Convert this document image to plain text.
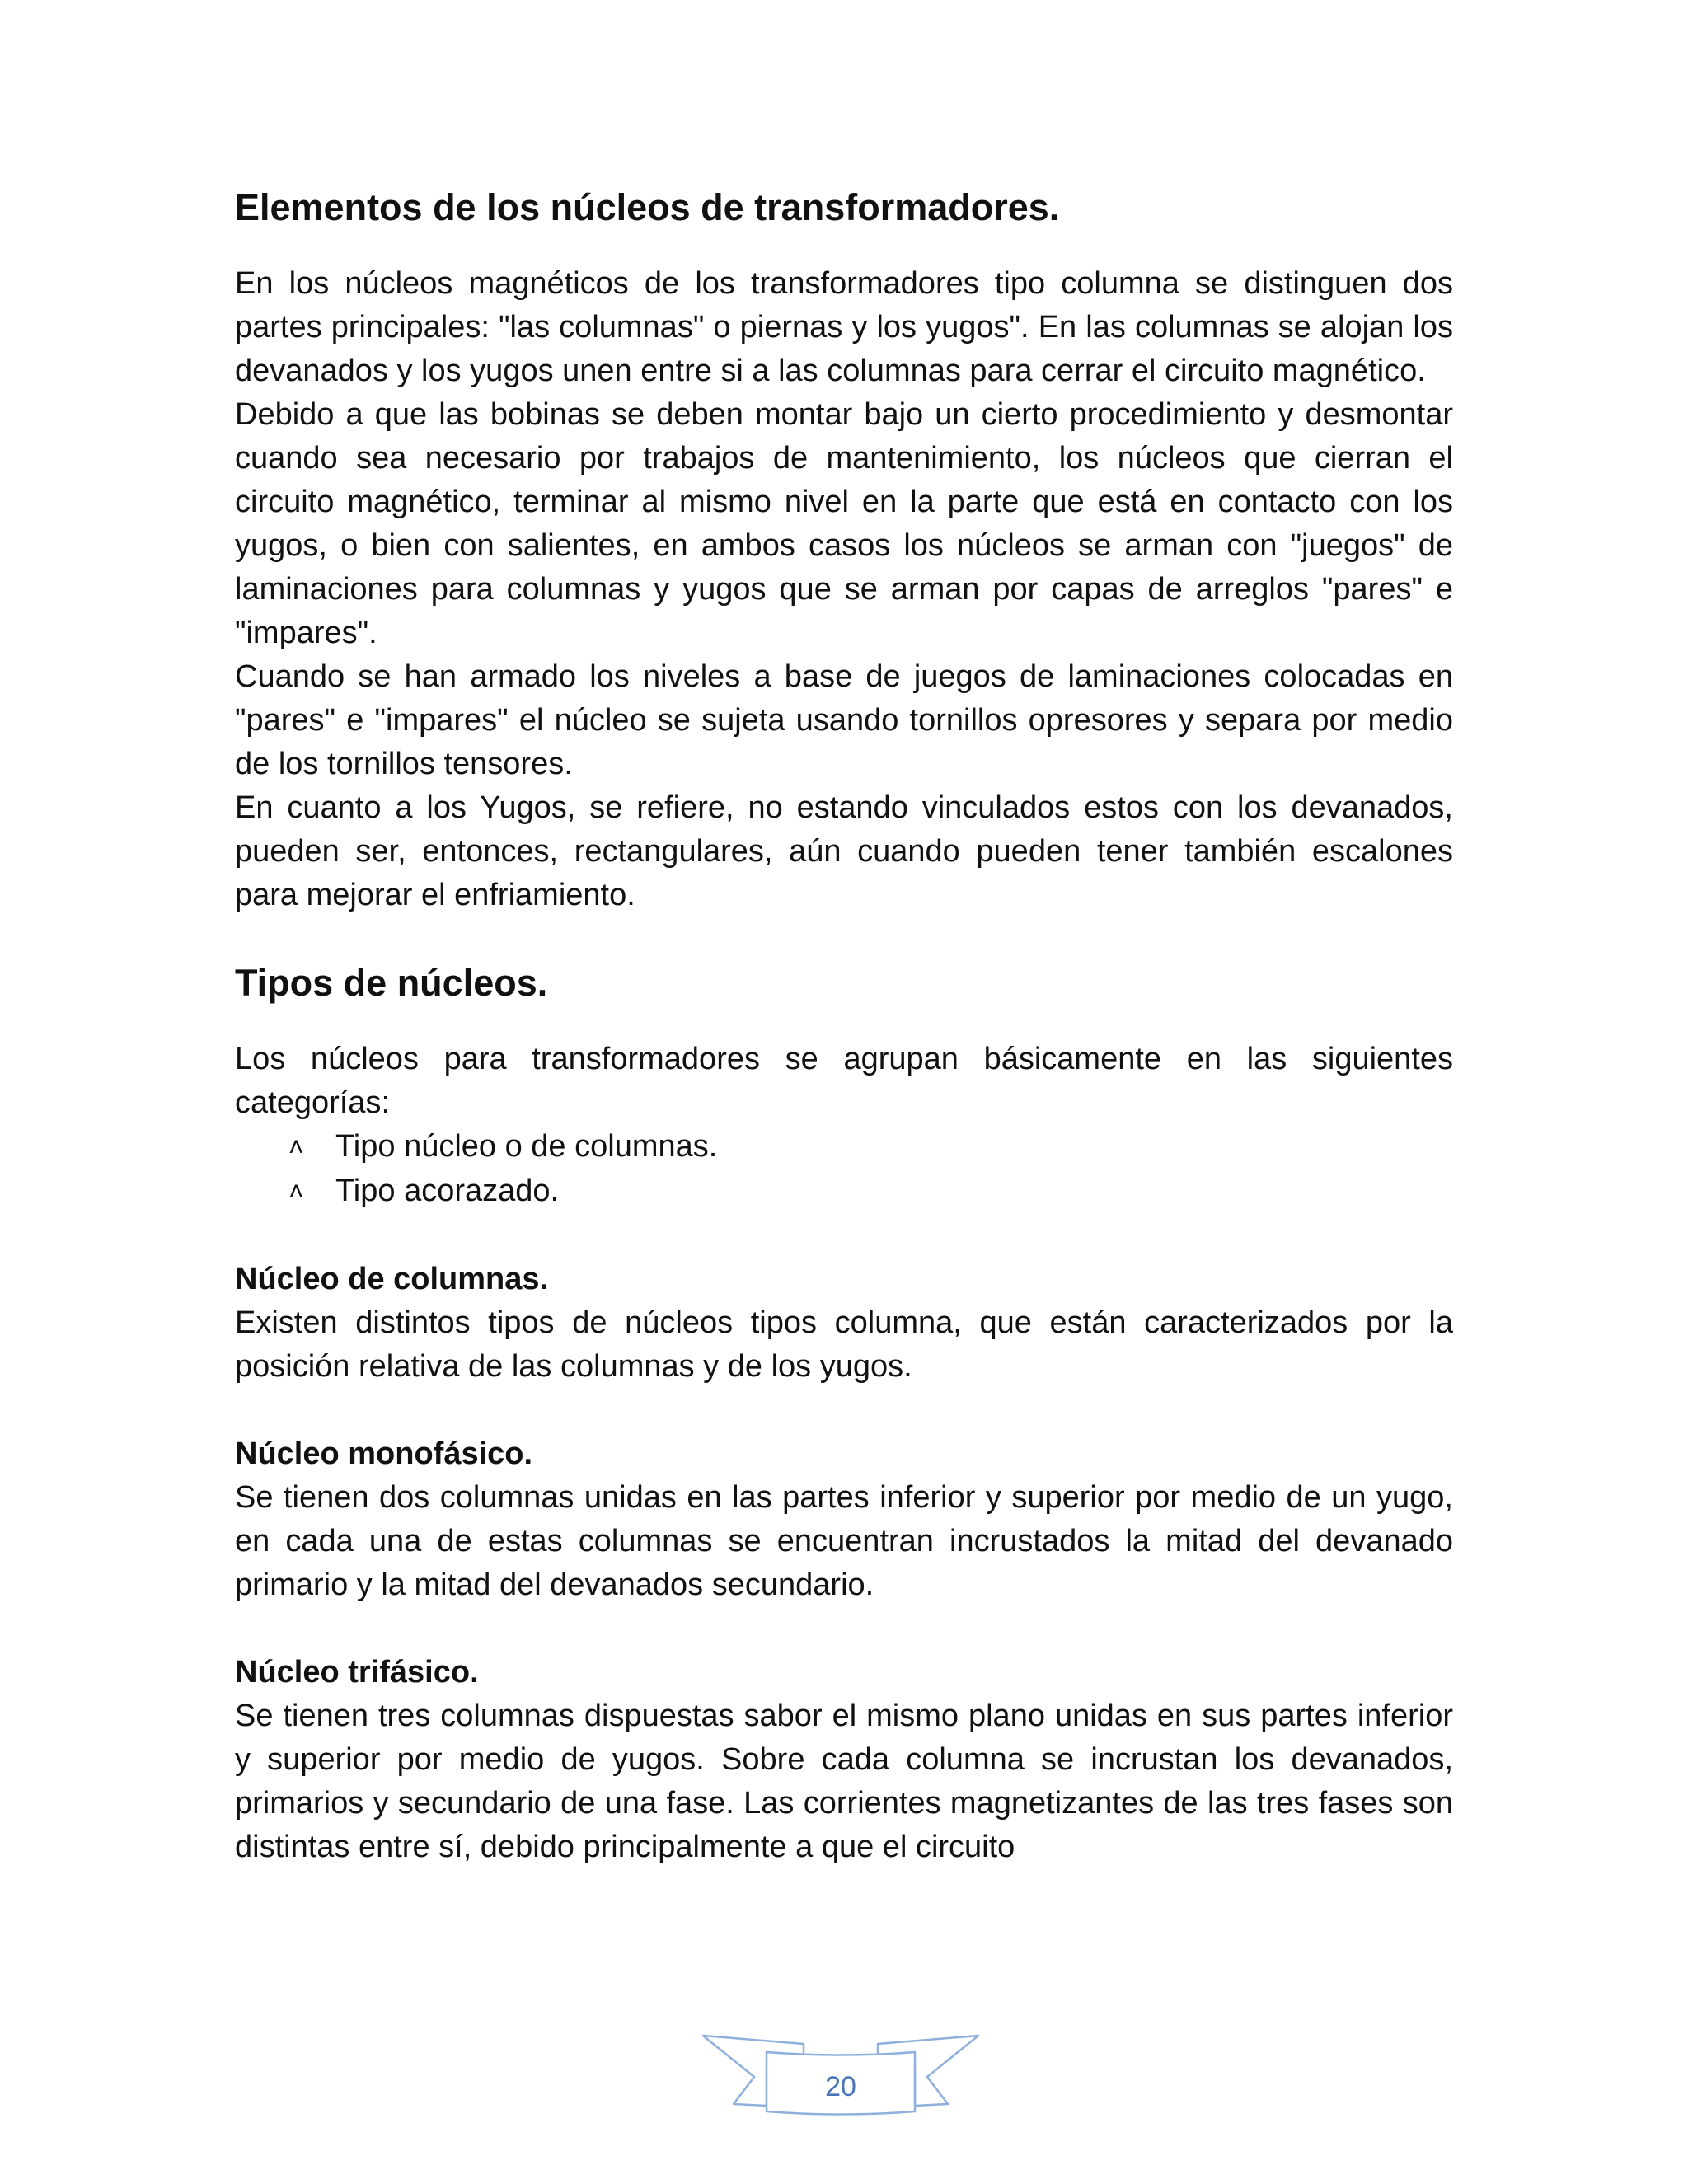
Elementos de los núcleos de transformadores.

En los núcleos magnéticos de los transformadores tipo columna se distinguen dos partes principales: "las columnas" o piernas y los yugos". En las columnas se alojan los devanados y los yugos unen entre si a las columnas para cerrar el circuito magnético.

Debido a que las bobinas se deben montar bajo un cierto procedimiento y desmontar cuando sea necesario por trabajos de mantenimiento, los núcleos que cierran el circuito magnético, terminar al mismo nivel en la parte que está en contacto con los yugos, o bien con salientes, en ambos casos los núcleos se arman con "juegos" de laminaciones para columnas y yugos que se arman por capas de arreglos "pares" e "impares".

Cuando se han armado los niveles a base de juegos de laminaciones colocadas en "pares" e "impares" el núcleo se sujeta usando tornillos opresores y separa por medio de los tornillos tensores.

En cuanto a los Yugos, se refiere, no estando vinculados estos con los devanados, pueden ser, entonces, rectangulares, aún cuando pueden tener también escalones para mejorar el enfriamiento.

Tipos de núcleos.

Los núcleos para transformadores se agrupan básicamente en las siguientes categorías:

˄	Tipo núcleo o de columnas.
˄	Tipo acorazado.
Núcleo de columnas.

Existen distintos tipos de núcleos tipos columna, que están caracterizados por la posición relativa de las columnas y de los yugos.

Núcleo monofásico.

Se tienen dos columnas unidas en las partes inferior y superior por medio de un yugo, en cada una de estas columnas se encuentran incrustados la mitad del devanado primario y la mitad del devanados secundario.

Núcleo trifásico.

Se tienen tres columnas dispuestas sabor el mismo plano unidas en sus partes inferior y superior por medio de yugos. Sobre cada columna se incrustan los devanados, primarios y secundario de una fase. Las corrientes magnetizantes de las tres fases son distintas entre sí, debido principalmente a que el circuito

20
